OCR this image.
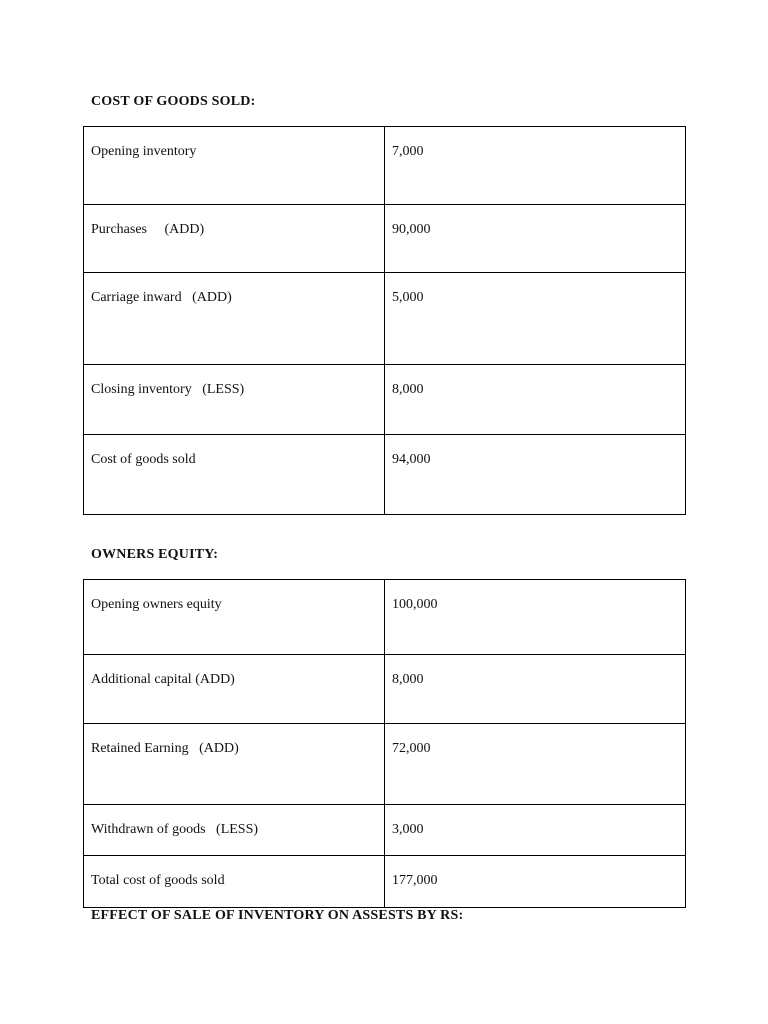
COST OF GOODS SOLD:
Opening inventory	7,000
Purchases     (ADD)	90,000
Carriage inward   (ADD)	5,000
Closing inventory   (LESS)	8,000
Cost of goods sold	94,000
OWNERS EQUITY:
Opening owners equity	100,000
Additional capital (ADD)	8,000
Retained Earning   (ADD)	72,000
Withdrawn of goods   (LESS)	3,000
Total cost of goods sold	177,000
EFFECT OF SALE OF INVENTORY ON ASSESTS BY RS:
